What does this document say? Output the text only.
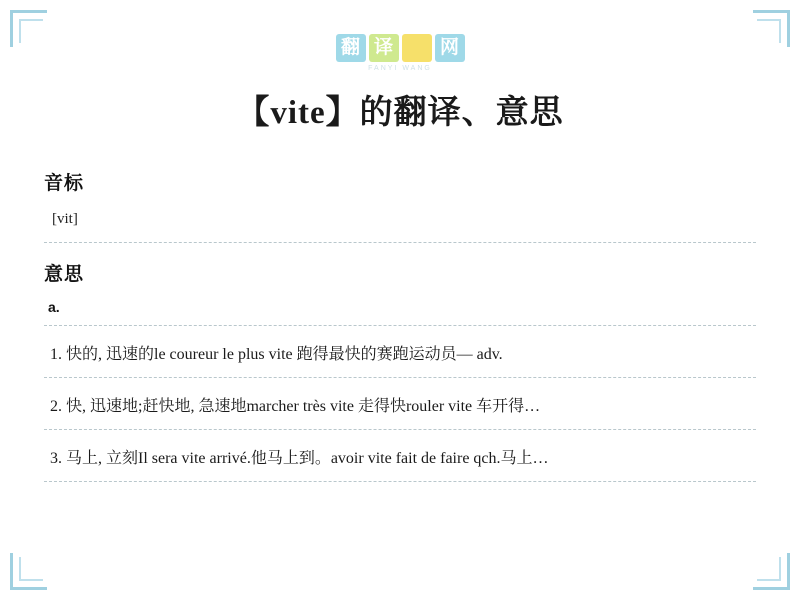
翻 译 网
FANYI WANG
【vite】的翻译、意思
音标
[vit]
意思
a.
1. 快的, 迅速的le coureur le plus vite 跑得最快的赛跑运动员— adv.
2. 快, 迅速地;赶快地, 急速地marcher très vite 走得快rouler vite 车开得…
3. 马上, 立刻Il sera vite arrivé.他马上到。avoir vite fait de faire qch.马上…
